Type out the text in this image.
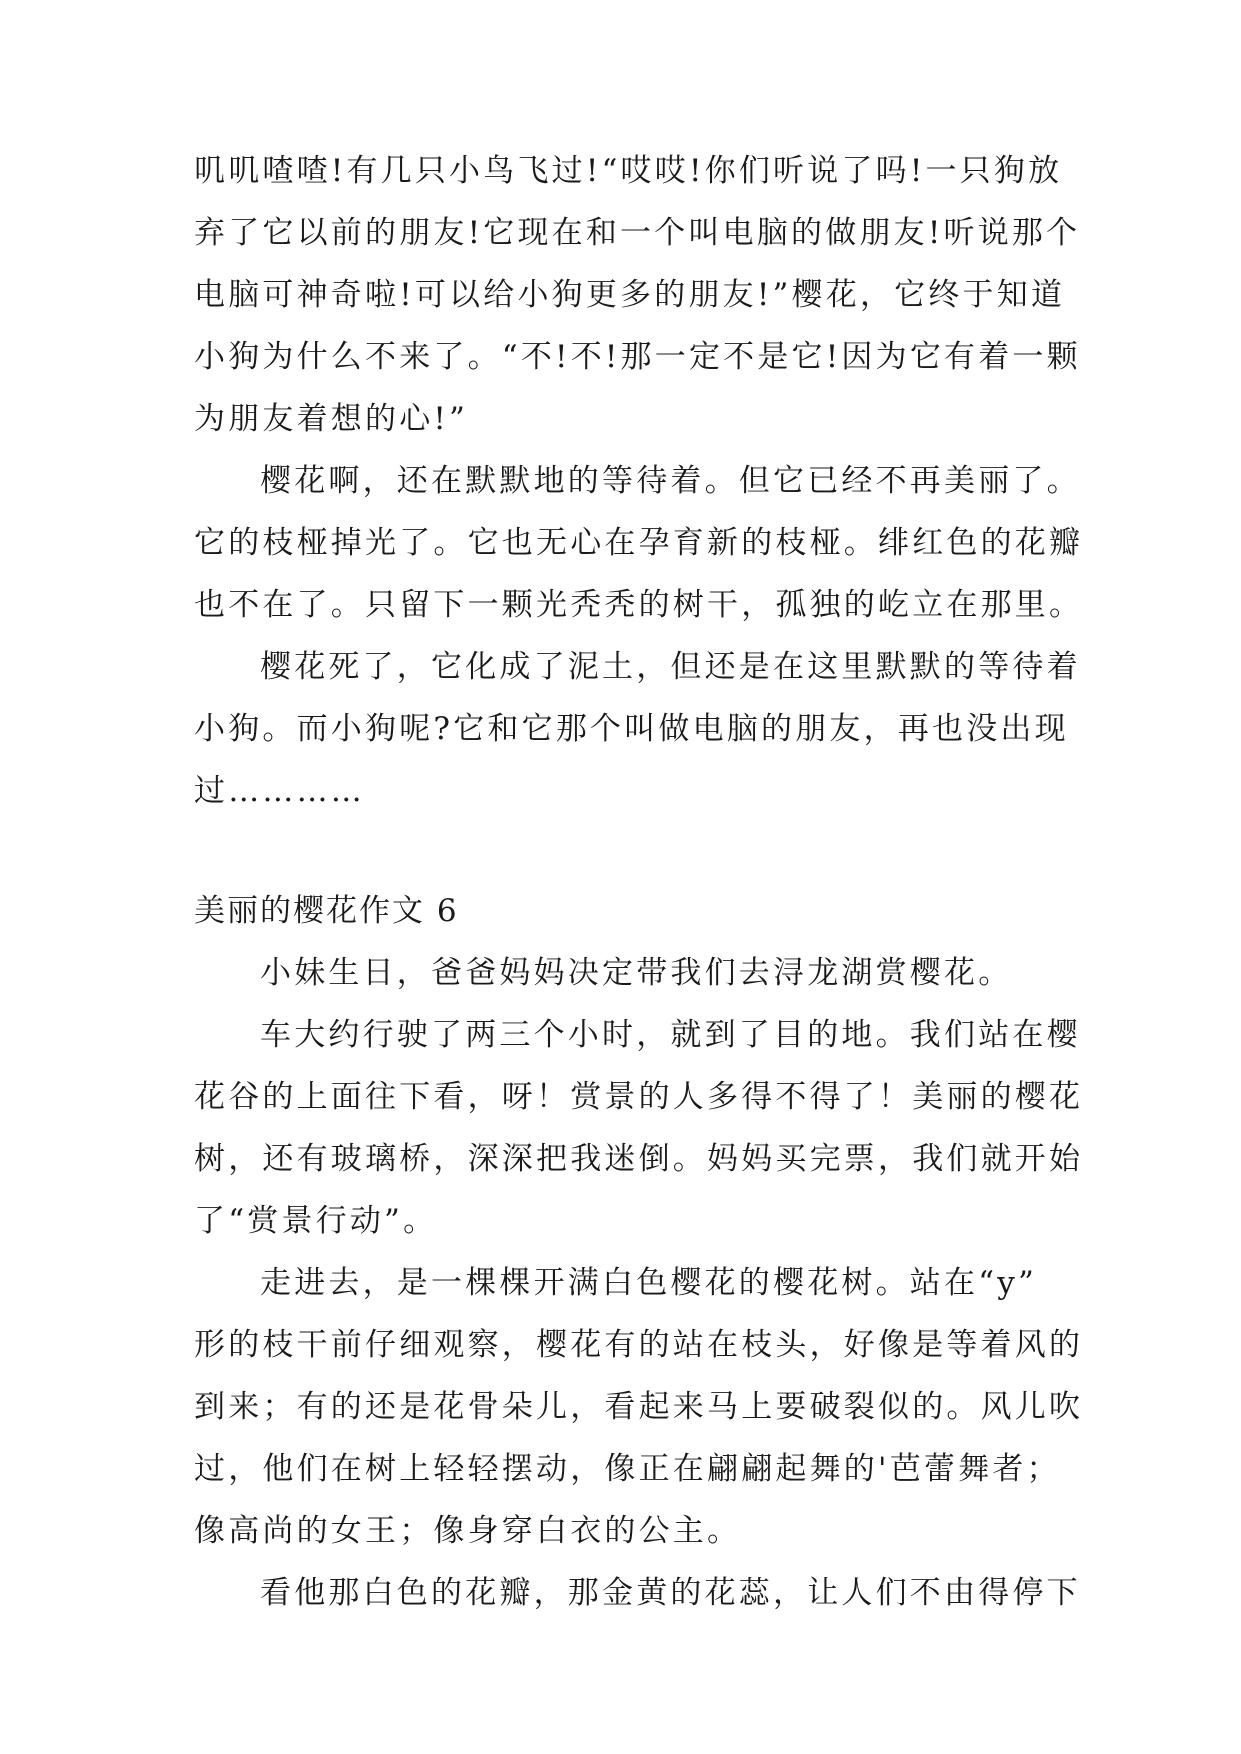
叽叽喳喳!有几只小鸟飞过!“哎哎!你们听说了吗!一只狗放
弃了它以前的朋友!它现在和一个叫电脑的做朋友!听说那个
电脑可神奇啦!可以给小狗更多的朋友!”樱花，它终于知道
小狗为什么不来了。“不!不!那一定不是它!因为它有着一颗
为朋友着想的心!”
樱花啊，还在默默地的等待着。但它已经不再美丽了。
它的枝桠掉光了。它也无心在孕育新的枝桠。绯红色的花瓣
也不在了。只留下一颗光秃秃的树干，孤独的屹立在那里。
樱花死了，它化成了泥土，但还是在这里默默的等待着
小狗。而小狗呢?它和它那个叫做电脑的朋友，再也没出现
过…………
美丽的樱花作文 6
小妹生日，爸爸妈妈决定带我们去浔龙湖赏樱花。
车大约行驶了两三个小时，就到了目的地。我们站在樱
花谷的上面往下看，呀！赏景的人多得不得了！美丽的樱花
树，还有玻璃桥，深深把我迷倒。妈妈买完票，我们就开始
了“赏景行动”。
走进去，是一棵棵开满白色樱花的樱花树。站在“y”
形的枝干前仔细观察，樱花有的站在枝头，好像是等着风的
到来；有的还是花骨朵儿，看起来马上要破裂似的。风儿吹
过，他们在树上轻轻摆动，像正在翩翩起舞的'芭蕾舞者；
像高尚的女王；像身穿白衣的公主。
看他那白色的花瓣，那金黄的花蕊，让人们不由得停下
